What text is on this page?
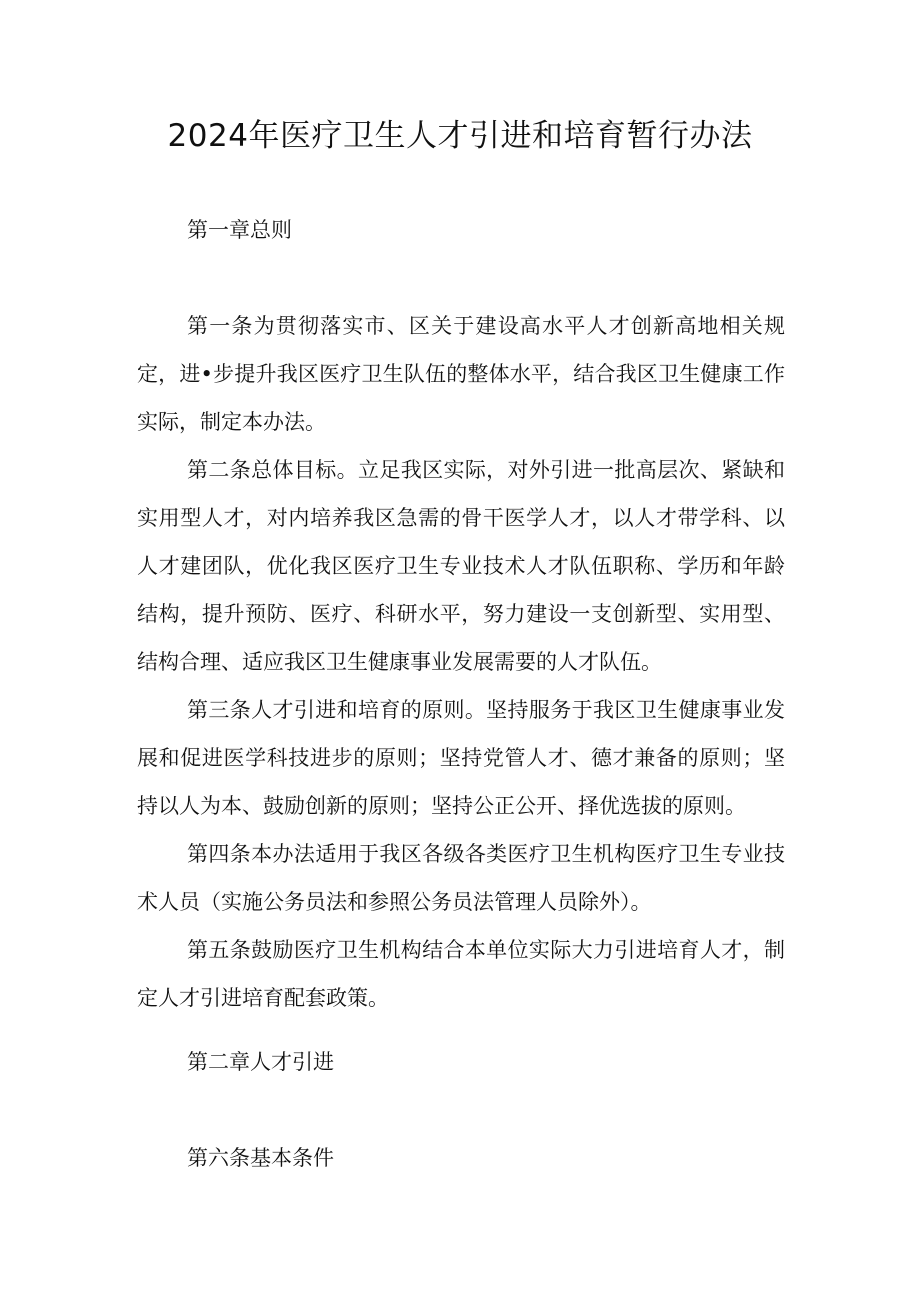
2024年医疗卫生人才引进和培育暂行办法
第一章总则
第一条为贯彻落实市、区关于建设高水平人才创新高地相关规定，进•步提升我区医疗卫生队伍的整体水平，结合我区卫生健康工作实际，制定本办法。
第二条总体目标。立足我区实际，对外引进一批高层次、紧缺和实用型人才，对内培养我区急需的骨干医学人才，以人才带学科、以人才建团队，优化我区医疗卫生专业技术人才队伍职称、学历和年龄结构，提升预防、医疗、科研水平，努力建设一支创新型、实用型、结构合理、适应我区卫生健康事业发展需要的人才队伍。
第三条人才引进和培育的原则。坚持服务于我区卫生健康事业发展和促进医学科技进步的原则；坚持党管人才、德才兼备的原则；坚持以人为本、鼓励创新的原则；坚持公正公开、择优选拔的原则。
第四条本办法适用于我区各级各类医疗卫生机构医疗卫生专业技术人员（实施公务员法和参照公务员法管理人员除外）。
第五条鼓励医疗卫生机构结合本单位实际大力引进培育人才，制定人才引进培育配套政策。
第二章人才引进
第六条基本条件
